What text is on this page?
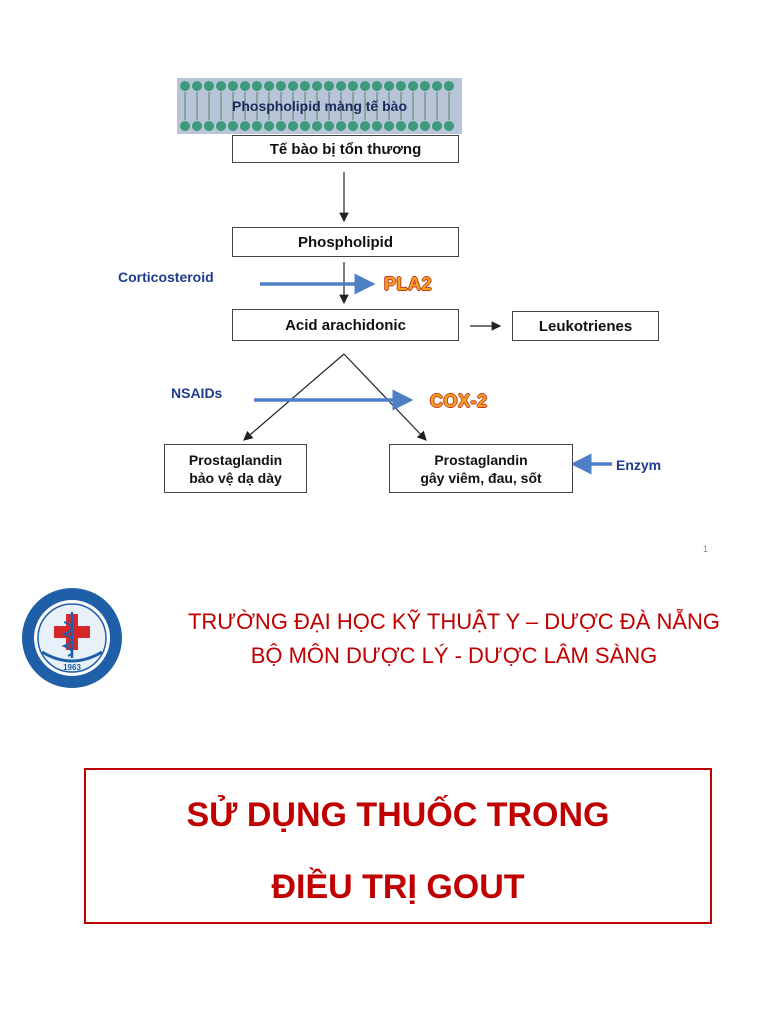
Phospholipid màng tế bào
Tế bào bị tổn thương
Phospholipid
Acid arachidonic	Leukotrienes
Prostaglandin
bảo vệ dạ dày
Prostaglandin
gây viêm, đau, sốt
Corticosteroid
NSAIDs
Enzym
PLA2
COX-2
1
1963
TRƯỜNG ĐẠI HỌC KỸ THUẬT Y – DƯỢC ĐÀ NẴNG
BỘ MÔN DƯỢC LÝ - DƯỢC LÂM SÀNG
SỬ DỤNG THUỐC TRONG
ĐIỀU TRỊ GOUT
